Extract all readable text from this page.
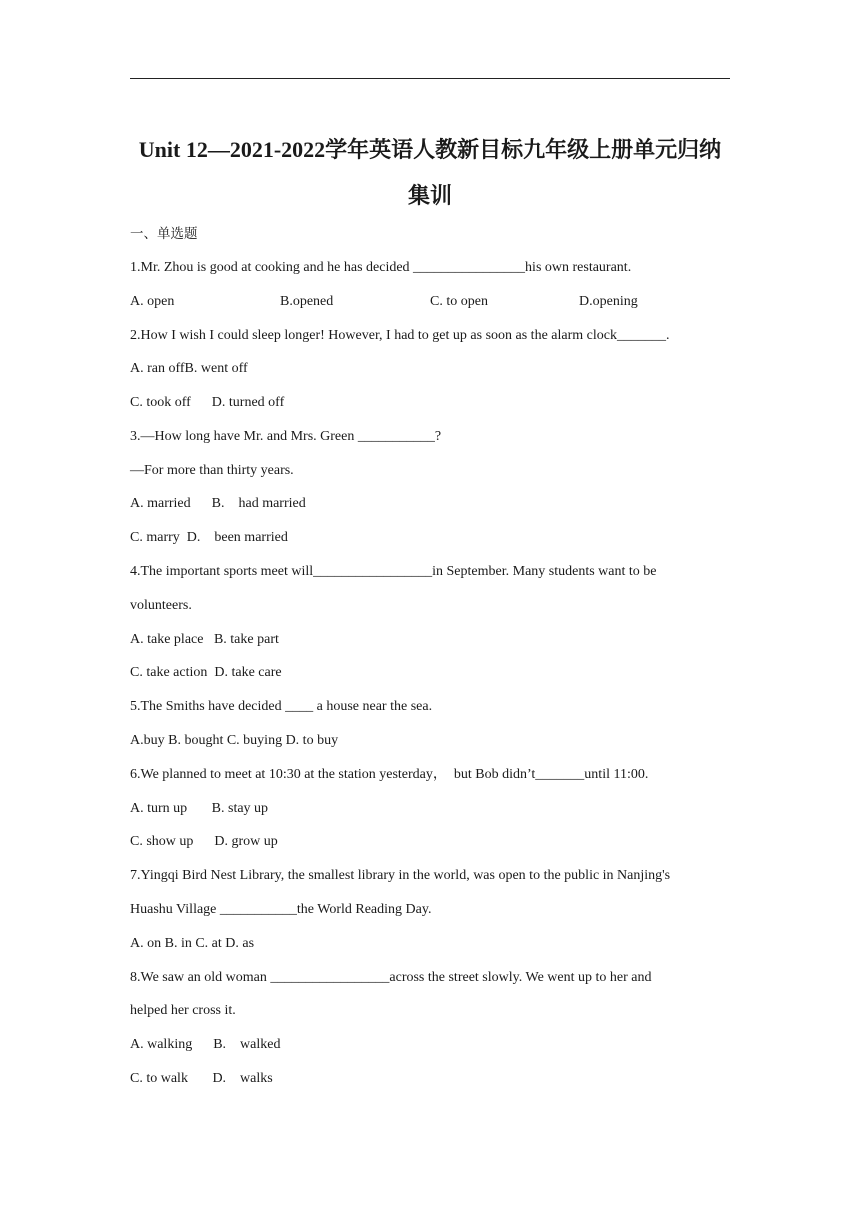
Unit 12—2021-2022学年英语人教新目标九年级上册单元归纳集训
一、单选题
1.Mr. Zhou is good at cooking and he has decided ________________his own restaurant.
A. open	B.opened	C. to open	D.opening
2.How I wish I could sleep longer! However, I had to get up as soon as the alarm clock_______.
A. ran offB. went off
C. took off      D. turned off
3.—How long have Mr. and Mrs. Green ___________?
—For more than thirty years.
A. married      B.    had married
C. marry  D.    been married
4.The important sports meet will_________________in September. Many students want to be
volunteers.
A. take place   B. take part
C. take action  D. take care
5.The Smiths have decided ____ a house near the sea.
A.buy B. bought C. buying D. to buy
6.We planned to meet at 10:30 at the station yesterday，  but Bob didn’t_______until 11:00.
A. turn up       B. stay up
C. show up      D. grow up
7.Yingqi Bird Nest Library, the smallest library in the world, was open to the public in Nanjing's
Huashu Village ___________the World Reading Day.
A. on B. in C. at D. as
8.We saw an old woman _________________across the street slowly. We went up to her and
helped her cross it.
A. walking      B.    walked
C. to walk       D.    walks
